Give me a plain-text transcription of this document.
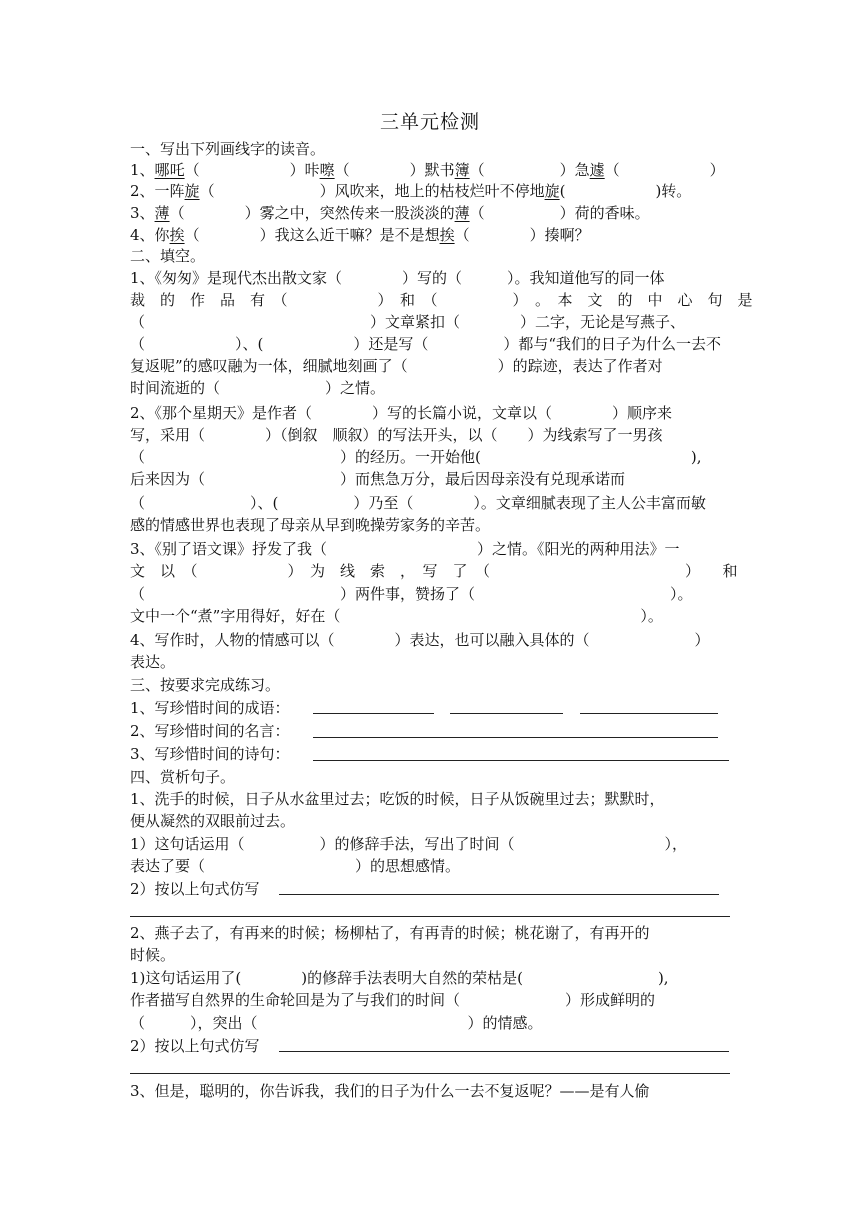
三单元检测
一、写出下列画线字的读音。
1、哪吒（　　　　　　）咔嚓（　　　　）默书簿（　　　　　）急遽（　　　　　　）
2、一阵旋（　　　　　　　）风吹来，地上的枯枝烂叶不停地旋(　　　　　　)转。
3、薄（　　　　）雾之中，突然传来一股淡淡的薄（　　　　　）荷的香味。
4、你挨（　　　　）我这么近干嘛？是不是想挨（　　　　）揍啊？
二、填空。
1、《匆匆》是现代杰出散文家（　　　　）写的（　　　）。我知道他写的同一体
裁　的　作　品　有　（　　　　　　）　和　（　　　　　）　。　本　文　的　中　心　句　是
（　　　　　　　　　　　　　　　）文章紧扣（　　　　）二字，无论是写燕子、
（　　　　　　）、(　　　　　　）还是写（　　　　　）都与“我们的日子为什么一去不
复返呢”的感叹融为一体，细腻地刻画了（　　　　　　）的踪迹，表达了作者对
时间流逝的（　　　　　　　）之情。
2、《那个星期天》是作者（　　　　）写的长篇小说，文章以（　　　　）顺序来
写，采用（　　　　）（倒叙　顺叙）的写法开头，以（　　）为线索写了一男孩
（　　　　　　　　　　　　　）的经历。一开始他(　　　　　　　　　　　　　　),
后来因为（　　　　　　　　　）而焦急万分，最后因母亲没有兑现承诺而
（　　　　　　　）、(　　　　　）乃至（　　　　）。文章细腻表现了主人公丰富而敏
感的情感世界也表现了母亲从早到晚操劳家务的辛苦。
3、《别了语文课》抒发了我（　　　　　　　　　　）之情。《阳光的两种用法》一
文　以　（　　　　　　）　为　线　索　，　写　了　（　　　　　　　　　　　　　）　　和
（　　　　　　　　　　　　　）两件事，赞扬了（　　　　　　　　　　　　　）。
文中一个“煮”字用得好，好在（　　　　　　　　　　　　　　　　　　　　）。
4、写作时，人物的情感可以（　　　　）表达，也可以融入具体的（　　　　　　　）
表达。
三、按要求完成练习。
1、写珍惜时间的成语：
2、写珍惜时间的名言：
3、写珍惜时间的诗句：
四、赏析句子。
1、洗手的时候，日子从水盆里过去；吃饭的时候，日子从饭碗里过去；默默时，
便从凝然的双眼前过去。
1）这句话运用（　　　　　）的修辞手法，写出了时间（　　　　　　　　　　），
表达了要（　　　　　　　　　　）的思想感情。
2）按以上句式仿写
2、燕子去了，有再来的时候；杨柳枯了，有再青的时候；桃花谢了，有再开的
时候。
1)这句话运用了(　　　　)的修辞手法表明大自然的荣枯是(　　　　　　　　　),
作者描写自然界的生命轮回是为了与我们的时间（　　　　　　　）形成鲜明的
（　　　），突出（　　　　　　　　　　　　　　）的情感。
2）按以上句式仿写
3、但是，聪明的，你告诉我，我们的日子为什么一去不复返呢？——是有人偷
